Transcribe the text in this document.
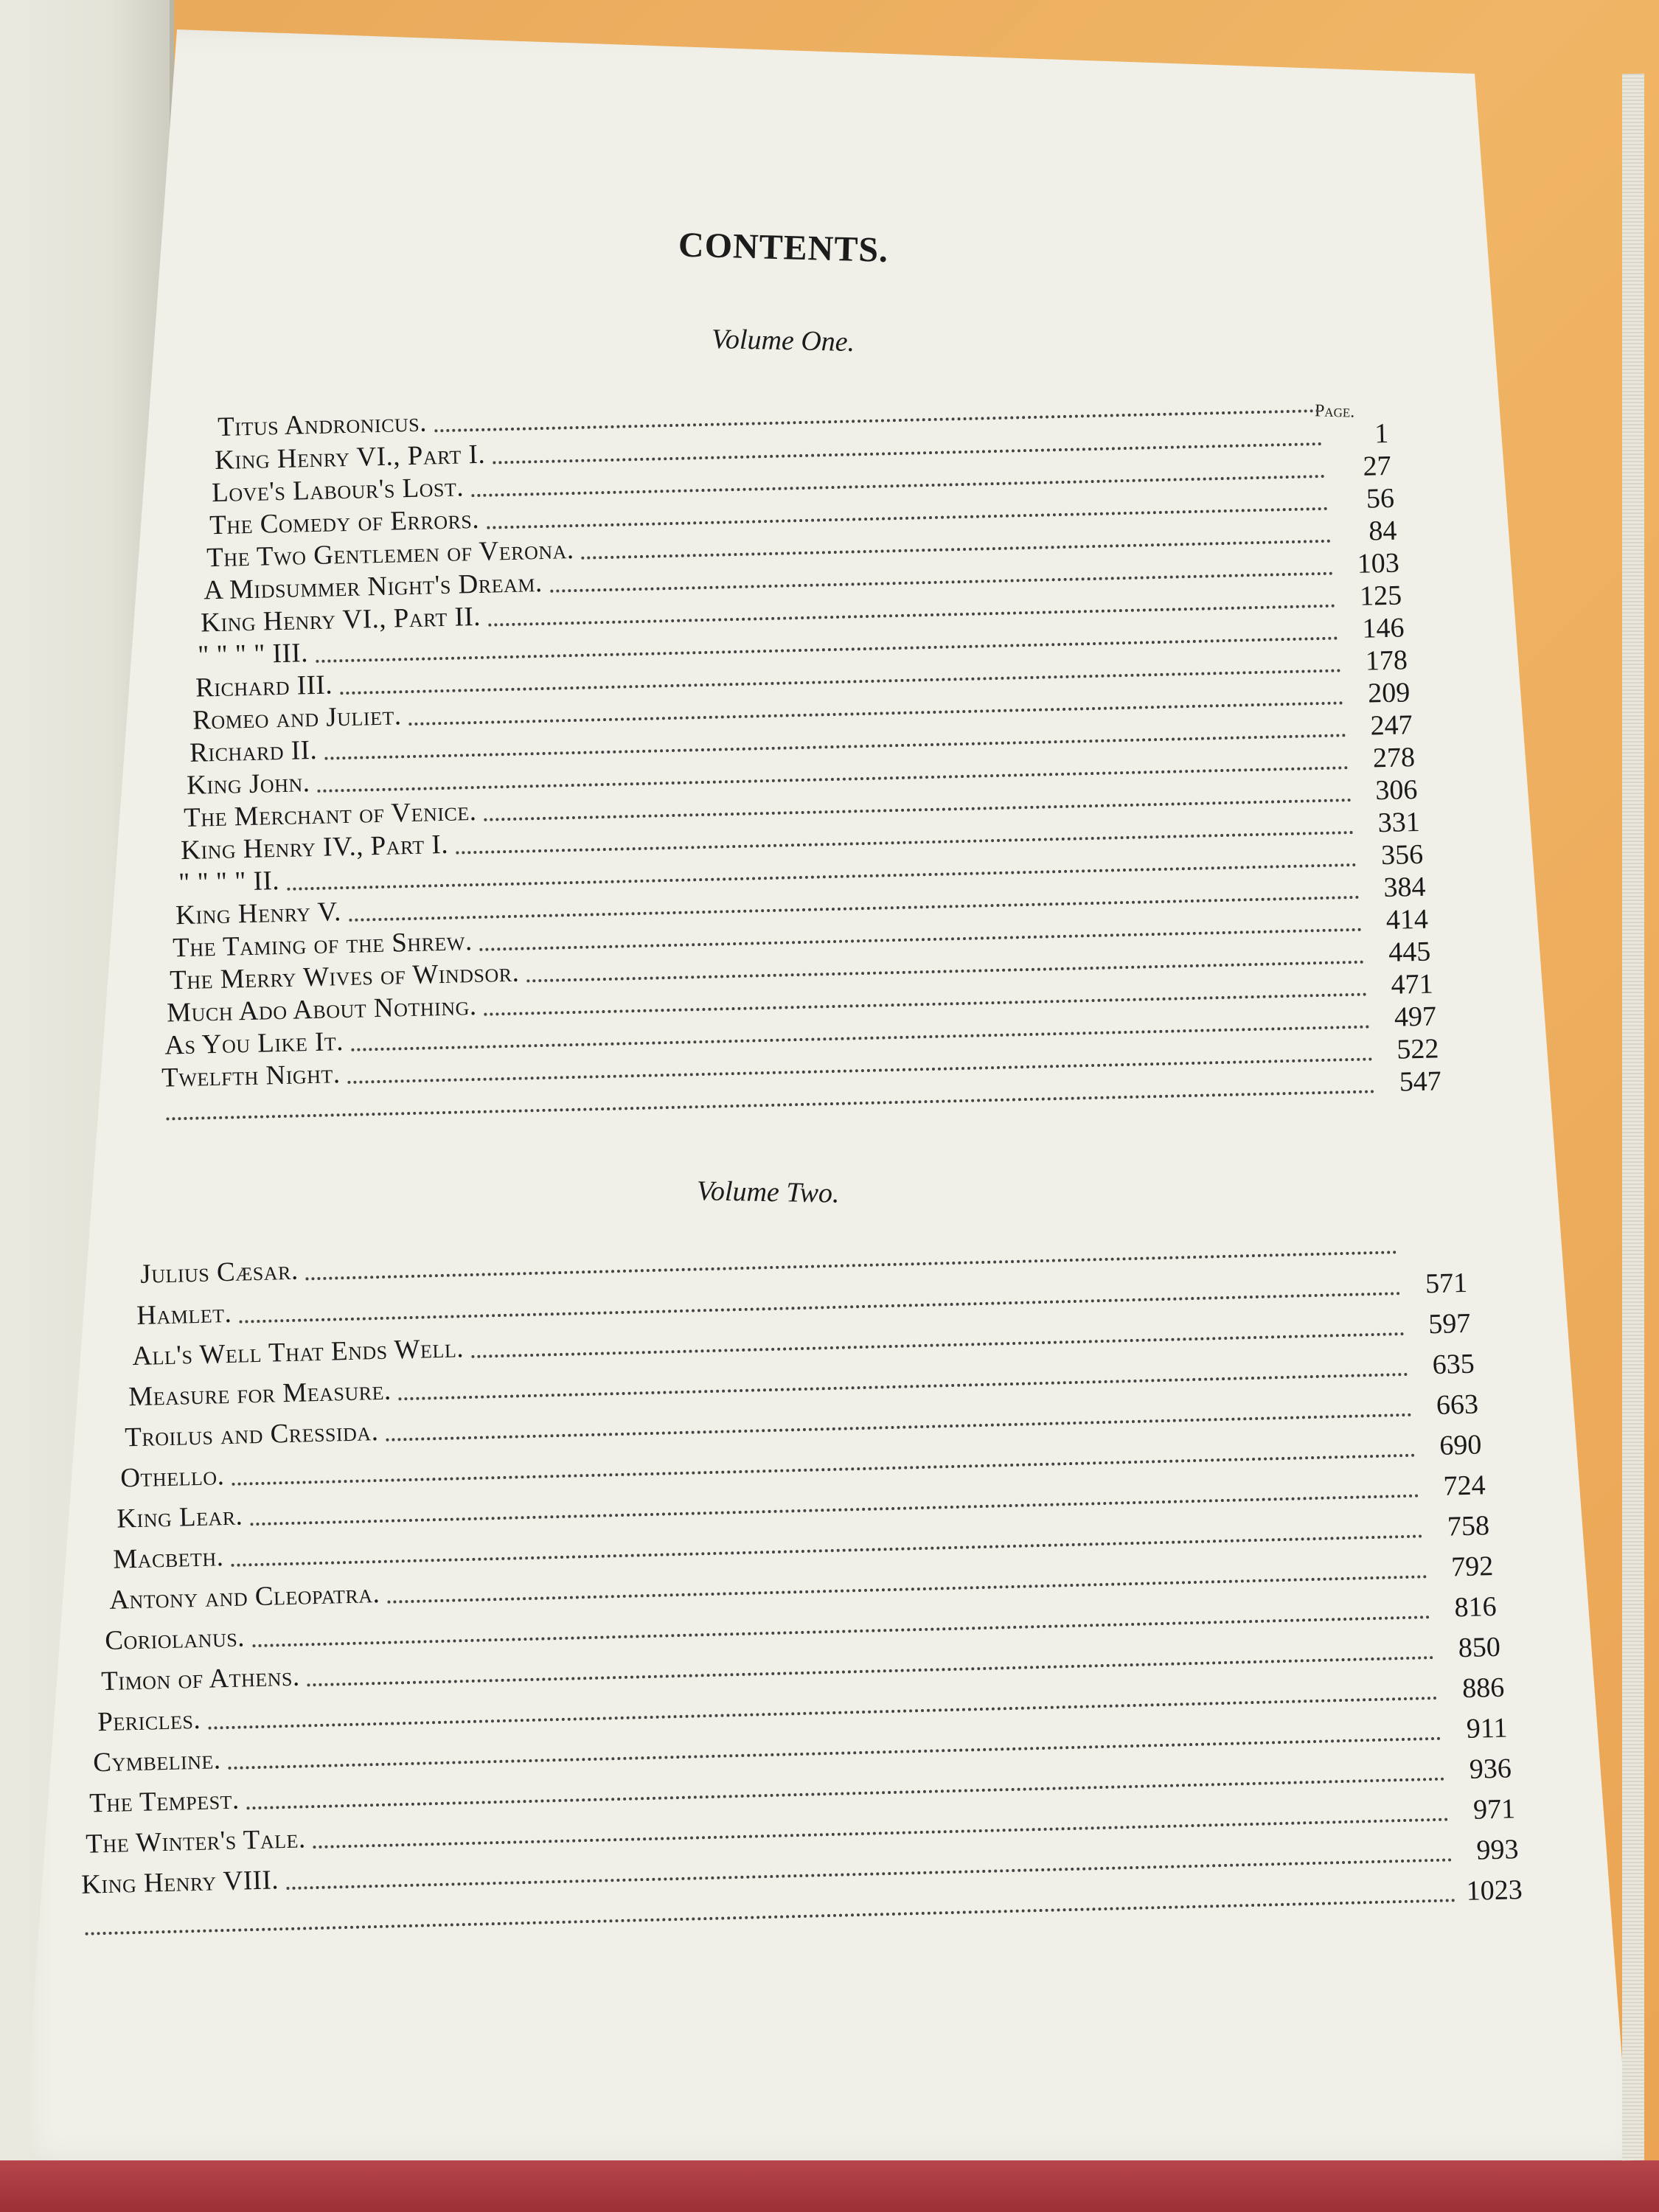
CONTENTS.
Volume One.
Page.
Titus Andronicus.
King Henry VI., Part I.
1
Love's Labour's Lost.
27
The Comedy of Errors.
56
The Two Gentlemen of Verona.
84
A Midsummer Night's Dream.
103
King Henry VI., Part II.
125
" " " " III.
146
Richard III.
178
Romeo and Juliet.
209
Richard II.
247
King John.
278
The Merchant of Venice.
306
King Henry IV., Part I.
331
" " " " II.
356
King Henry V.
384
The Taming of the Shrew.
414
The Merry Wives of Windsor.
445
Much Ado About Nothing.
471
As You Like It.
497
Twelfth Night.
522
547
Volume Two.
Julius Cæsar.
Hamlet.
571
All's Well That Ends Well.
597
Measure for Measure.
635
Troilus and Cressida.
663
Othello.
690
King Lear.
724
Macbeth.
758
Antony and Cleopatra.
792
Coriolanus.
816
Timon of Athens.
850
Pericles.
886
Cymbeline.
911
The Tempest.
936
The Winter's Tale.
971
King Henry VIII.
993
1023
